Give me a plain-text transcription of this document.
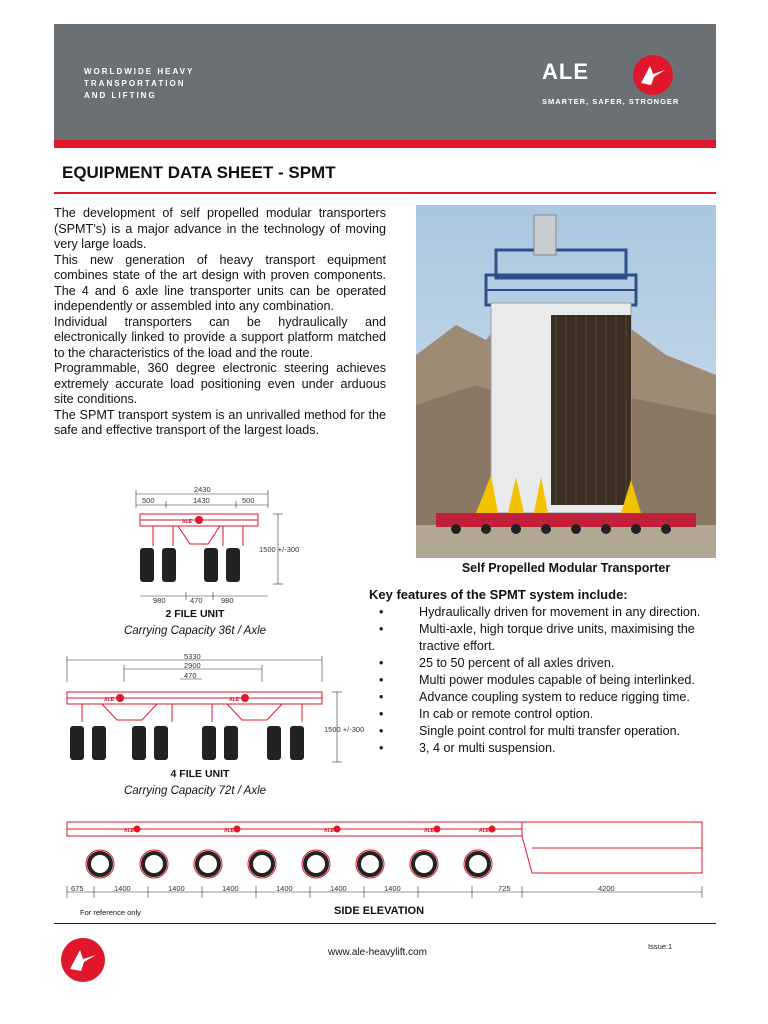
WORLDWIDE HEAVY
TRANSPORTATION
AND LIFTING
ALE
SMARTER, SAFER, STRONGER
EQUIPMENT DATA SHEET - SPMT

The development of self propelled modular transporters (SPMT’s) is a major advance in the technology of moving very large loads.

This new generation of heavy transport equipment combines state of the art design with proven components. The 4 and 6 axle line transporter units can be operated independently or assembled into any combination.

Individual transporters can be hydraulically and electronically linked to provide a support platform matched to the characteristics of the load and the route.

Programmable, 360 degree electronic steering achieves extremely accurate load positioning even under arduous site conditions.

The SPMT transport system is an unrivalled method for the safe and effective transport of the largest loads.

Self Propelled Modular Transporter
Key features of the SPMT system include:
•	Hydraulically driven for movement in any direction.
•	Multi-axle, high torque drive units, maximising the tractive effort.
•	25 to 50 percent of all axles driven.
•	Multi power modules capable of being interlinked.
•	Advance coupling system to reduce rigging time.
•	In cab or remote control option.
•	Single point control for multi transfer operation.
•	3, 4 or multi suspension.
2430
500	1430	500
1500 +/-300
980	470 980
ALE
2 FILE UNIT
Carrying Capacity 36t / Axle
5330
2900
470
1500 +/-300
ALE	ALE
4 FILE UNIT
Carrying Capacity 72t / Axle
ALE	ALE	ALE	ALE	ALE
675	1400	1400	1400	1400	1400	1400	725	4200
For reference only	SIDE ELEVATION
www.ale-heavylift.com
Issue:1
